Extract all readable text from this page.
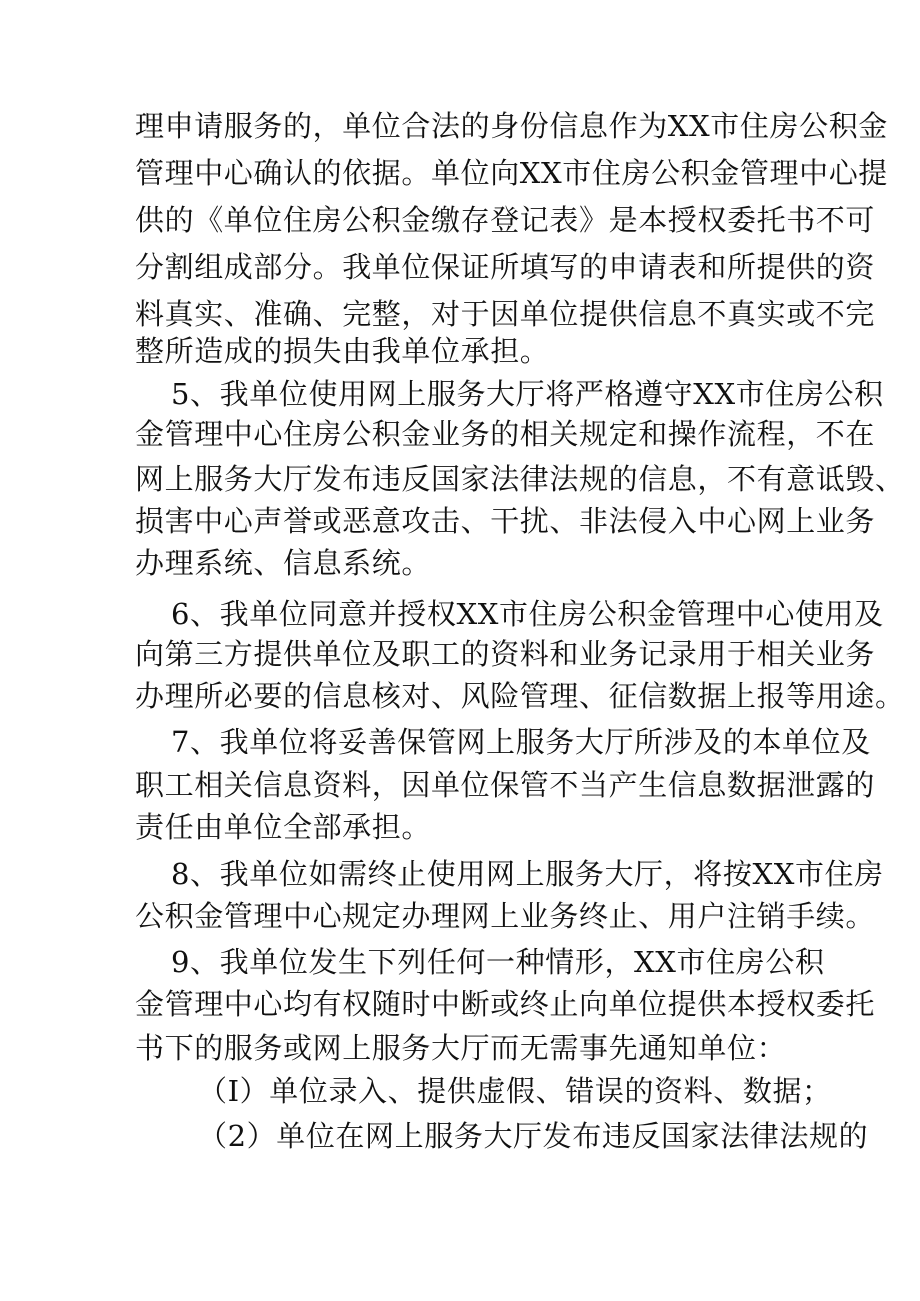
理申请服务的，单位合法的身份信息作为XX市住房公积金
管理中心确认的依据。单位向XX市住房公积金管理中心提
供的《单位住房公积金缴存登记表》是本授权委托书不可
分割组成部分。我单位保证所填写的申请表和所提供的资
料真实、准确、完整，对于因单位提供信息不真实或不完
整所造成的损失由我单位承担。
5、我单位使用网上服务大厅将严格遵守XX市住房公积
金管理中心住房公积金业务的相关规定和操作流程，不在
网上服务大厅发布违反国家法律法规的信息，不有意诋毁、
损害中心声誉或恶意攻击、干扰、非法侵入中心网上业务
办理系统、信息系统。
6、我单位同意并授权XX市住房公积金管理中心使用及
向第三方提供单位及职工的资料和业务记录用于相关业务
办理所必要的信息核对、风险管理、征信数据上报等用途。
7、我单位将妥善保管网上服务大厅所涉及的本单位及
职工相关信息资料，因单位保管不当产生信息数据泄露的
责任由单位全部承担。
8、我单位如需终止使用网上服务大厅，将按XX市住房
公积金管理中心规定办理网上业务终止、用户注销手续。
9、我单位发生下列任何一种情形，XX市住房公积
金管理中心均有权随时中断或终止向单位提供本授权委托
书下的服务或网上服务大厅而无需事先通知单位：
（I）单位录入、提供虚假、错误的资料、数据；
（2）单位在网上服务大厅发布违反国家法律法规的
